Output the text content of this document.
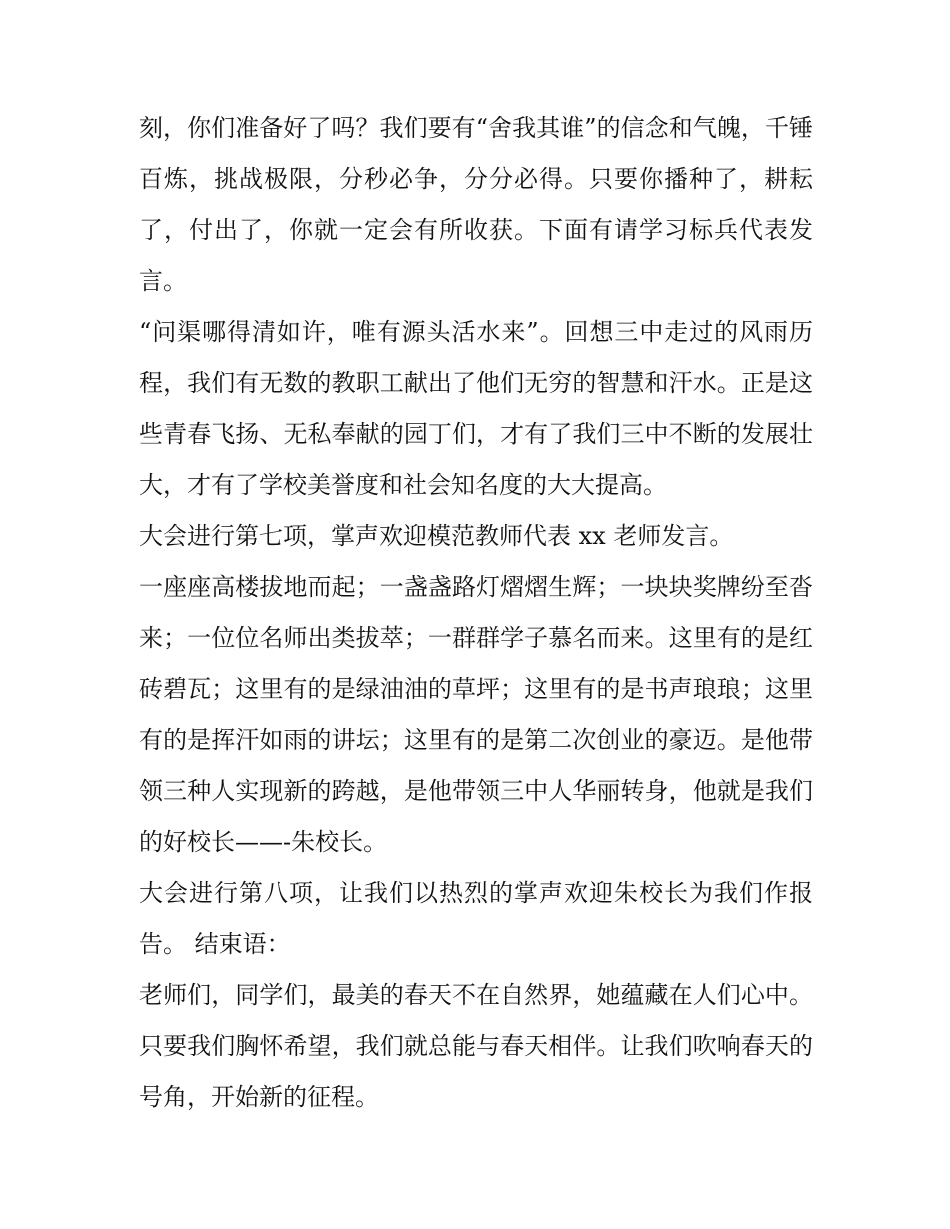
刻，你们准备好了吗？我们要有“舍我其谁”的信念和气魄，千锤百炼，挑战极限，分秒必争，分分必得。只要你播种了，耕耘了，付出了，你就一定会有所收获。下面有请学习标兵代表发言。

“问渠哪得清如许，唯有源头活水来”。回想三中走过的风雨历程，我们有无数的教职工献出了他们无穷的智慧和汗水。正是这些青春飞扬、无私奉献的园丁们，才有了我们三中不断的发展壮大，才有了学校美誉度和社会知名度的大大提高。

大会进行第七项，掌声欢迎模范教师代表 xx 老师发言。

一座座高楼拔地而起；一盏盏路灯熠熠生辉；一块块奖牌纷至沓来；一位位名师出类拔萃；一群群学子慕名而来。这里有的是红砖碧瓦；这里有的是绿油油的草坪；这里有的是书声琅琅；这里有的是挥汗如雨的讲坛；这里有的是第二次创业的豪迈。是他带领三种人实现新的跨越，是他带领三中人华丽转身，他就是我们的好校长——-朱校长。

大会进行第八项，让我们以热烈的掌声欢迎朱校长为我们作报告。 结束语：

老师们，同学们，最美的春天不在自然界，她蕴藏在人们心中。只要我们胸怀希望，我们就总能与春天相伴。让我们吹响春天的号角，开始新的征程。
